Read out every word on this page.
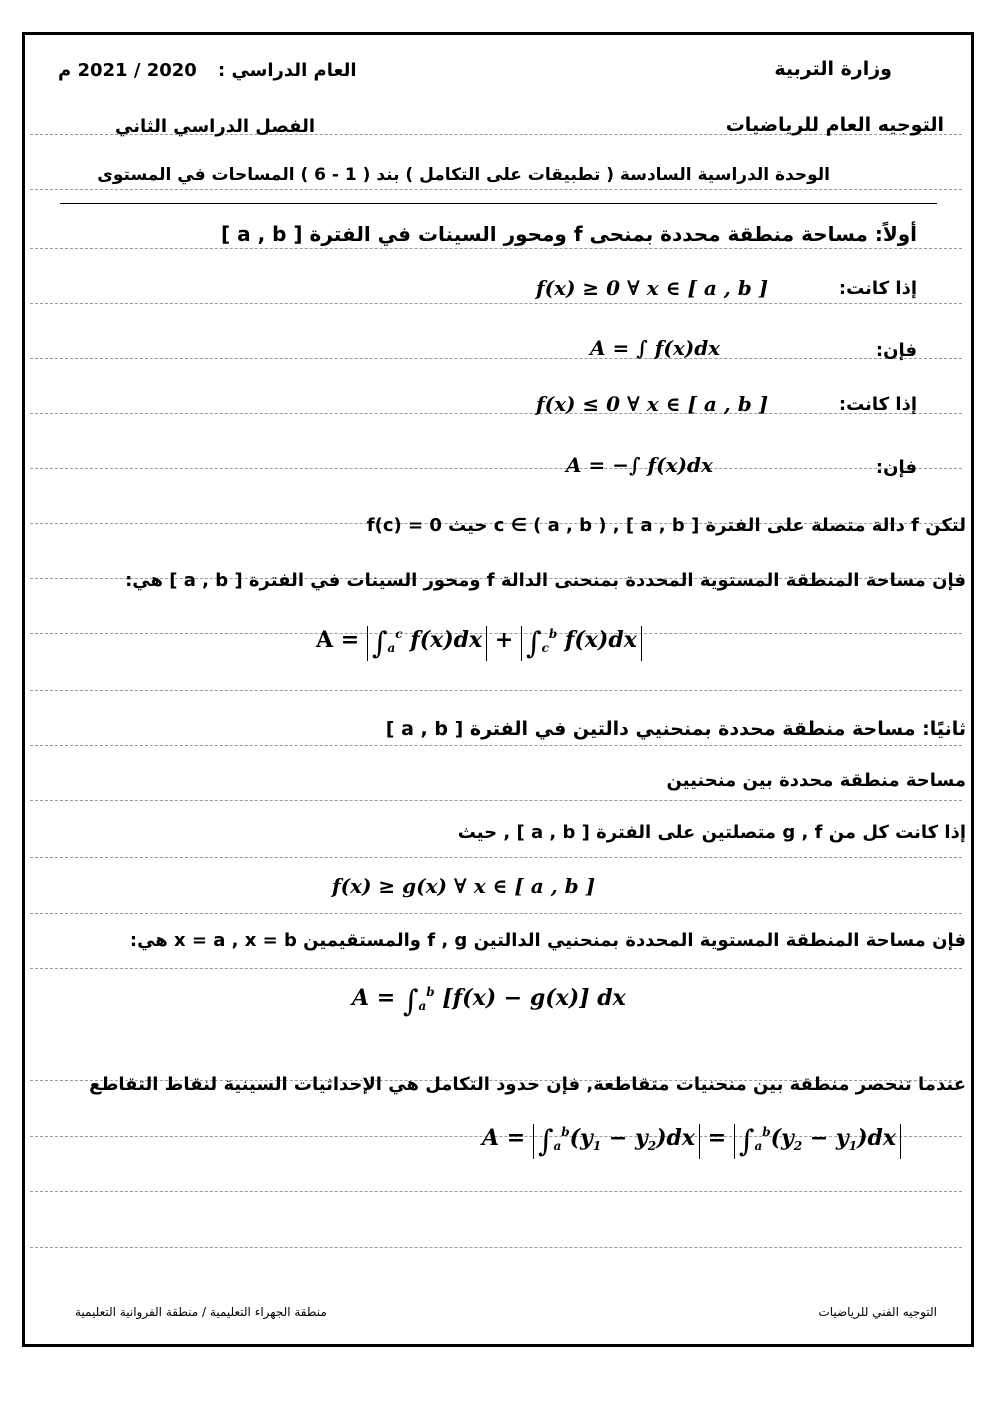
وزارة التربية
العام الدراسي :
2020 / 2021 م
التوجيه العام للرياضيات
الفصل الدراسي الثاني
الوحدة الدراسية السادسة ( تطبيقات على التكامل ) بند ( 1 - 6 ) المساحات في المستوى
أولاً: مساحة منطقة محددة بمنحى f ومحور السينات في الفترة [ a , b ]
إذا كانت:
f(x) ≥ 0 ∀ x ∈ [ a , b ]
فإن:
A = ∫ f(x)dx
إذا كانت:
f(x) ≤ 0 ∀ x ∈ [ a , b ]
فإن:
A = −∫ f(x)dx
لتكن f دالة متصلة على الفترة [ a , b ] , c ∈ ( a , b ) حيث f(c) = 0
فإن مساحة المنطقة المستوية المحددة بمنحنى الدالة f ومحور السينات في الفترة [ a , b ] هي:
$A = \int_a^c$ $f(x)dx + \int_c^b$ f(x)dx
ثانيًا: مساحة منطقة محددة بمنحنيي دالتين في الفترة [ a , b ]
مساحة منطقة محددة بين منحنيين
إذا كانت كل من g , f متصلتين على الفترة [ a , b ] , حيث
f(x) ≥ g(x) ∀ x ∈ [ a , b ]
فإن مساحة المنطقة المستوية المحددة بمنحنيي الدالتين f , g والمستقيمين x = a , x = b هي:
$A = \int_a^b$ [f(x) − g(x)] dx
عندما تنحصر منطقة بين منحنيات متقاطعة, فإن حدود التكامل هي الإحداثيات السينية لنقاط التقاطع
$A = \int_a^b(y_1 - y_2)dx = \int_a^b(y_2 - y_1)dx$
التوجيه الفني للرياضيات
منطقة الجهراء التعليمية / منطقة الفروانية التعليمية
